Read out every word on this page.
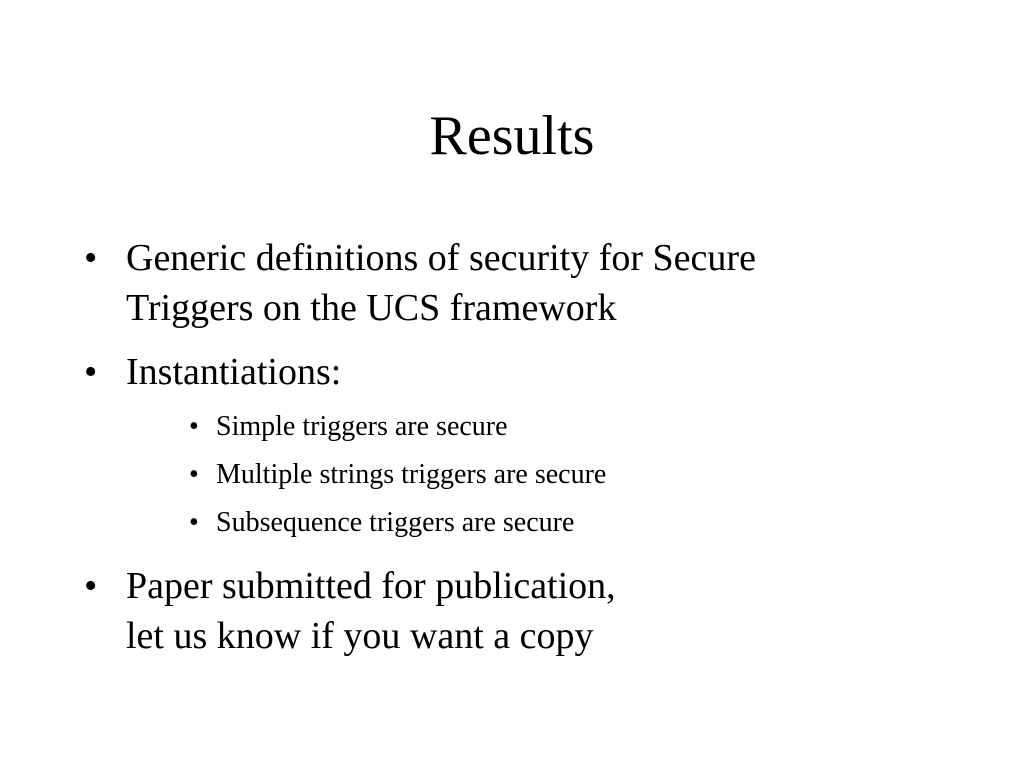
Results
• Generic definitions of security for Secure
Triggers on the UCS framework
• Instantiations:
• Simple triggers are secure
• Multiple strings triggers are secure
• Subsequence triggers are secure
• Paper submitted for publication,
let us know if you want a copy
